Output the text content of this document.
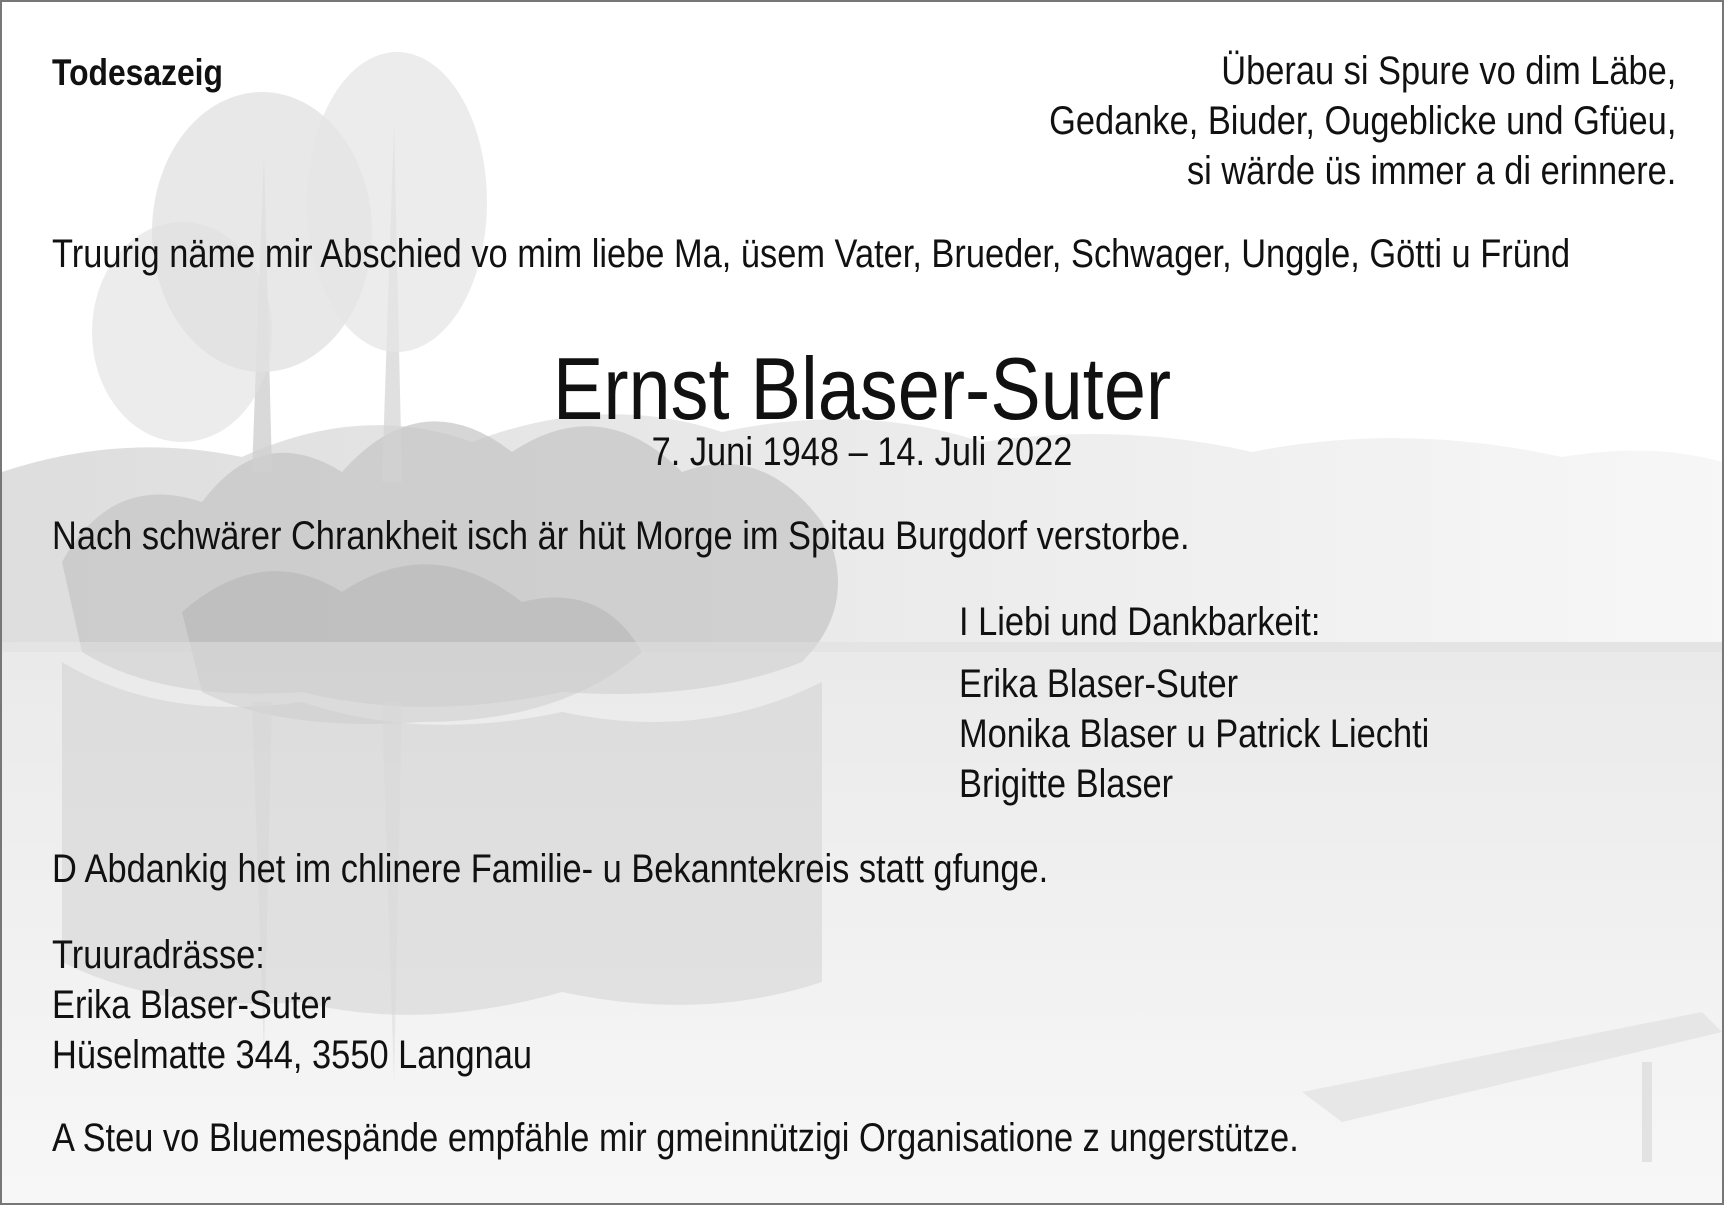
Todesazeig	Überau si Spure vo dim Läbe,
Gedanke, Biuder, Ougeblicke und Gfüeu,
si wärde üs immer a di erinnere.
Truurig näme mir Abschied vo mim liebe Ma, üsem Vater, Brueder, Schwager, Unggle, Götti u Fründ
Ernst Blaser-Suter
7. Juni 1948 – 14. Juli 2022
Nach schwärer Chrankheit isch är hüt Morge im Spitau Burgdorf verstorbe.
I Liebi und Dankbarkeit:
Erika Blaser-Suter
Monika Blaser u Patrick Liechti
Brigitte Blaser
D Abdankig het im chlinere Familie- u Bekanntekreis statt gfunge.
Truuradrässe:
Erika Blaser-Suter
Hüselmatte 344, 3550 Langnau
A Steu vo Bluemespände empfähle mir gmeinnützigi Organisatione z ungerstütze.
